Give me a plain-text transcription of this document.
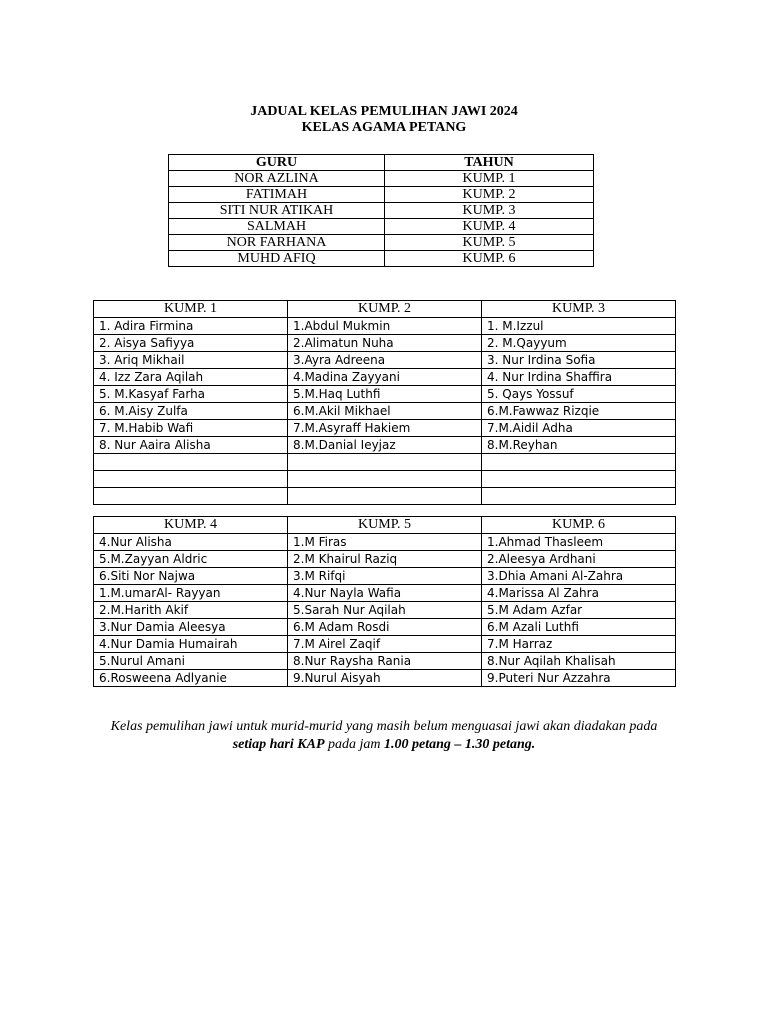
JADUAL KELAS PEMULIHAN JAWI 2024
KELAS AGAMA PETANG
GURU	TAHUN
NOR AZLINA	KUMP. 1
FATIMAH	KUMP. 2
SITI NUR ATIKAH	KUMP. 3
SALMAH	KUMP. 4
NOR FARHANA	KUMP. 5
MUHD AFIQ	KUMP. 6
KUMP. 1	KUMP. 2	KUMP. 3
1. Adira Firmina	1.Abdul Mukmin	1. M.Izzul
2. Aisya Safiyya	2.Alimatun Nuha	2. M.Qayyum
3. Ariq Mikhail	3.Ayra Adreena	3. Nur Irdina Sofia
4. Izz Zara Aqilah	4.Madina Zayyani	4. Nur Irdina Shaffira
5. M.Kasyaf Farha	5.M.Haq Luthfi	5. Qays Yossuf
6. M.Aisy Zulfa	6.M.Akil Mikhael	6.M.Fawwaz Rizqie
7. M.Habib Wafi	7.M.Asyraff Hakiem	7.M.Aidil Adha
8. Nur Aaira Alisha	8.M.Danial Ieyjaz	8.M.Reyhan

KUMP. 4	KUMP. 5	KUMP. 6
4.Nur Alisha	1.M Firas	1.Ahmad Thasleem
5.M.Zayyan Aldric	2.M Khairul Raziq	2.Aleesya Ardhani
6.Siti Nor Najwa	3.M Rifqi	3.Dhia Amani Al-Zahra
1.M.umarAl- Rayyan	4.Nur Nayla Wafia	4.Marissa Al Zahra
2.M.Harith Akif	5.Sarah Nur Aqilah	5.M Adam Azfar
3.Nur Damia Aleesya	6.M Adam Rosdi	6.M Azali Luthfi
4.Nur Damia Humairah	7.M Airel Zaqif	7.M Harraz
5.Nurul Amani	8.Nur Raysha Rania	8.Nur Aqilah Khalisah
6.Rosweena Adlyanie	9.Nurul Aisyah	9.Puteri Nur Azzahra
Kelas pemulihan jawi untuk murid-murid yang masih belum menguasai jawi akan diadakan pada
setiap hari KAP pada jam 1.00 petang – 1.30 petang.
